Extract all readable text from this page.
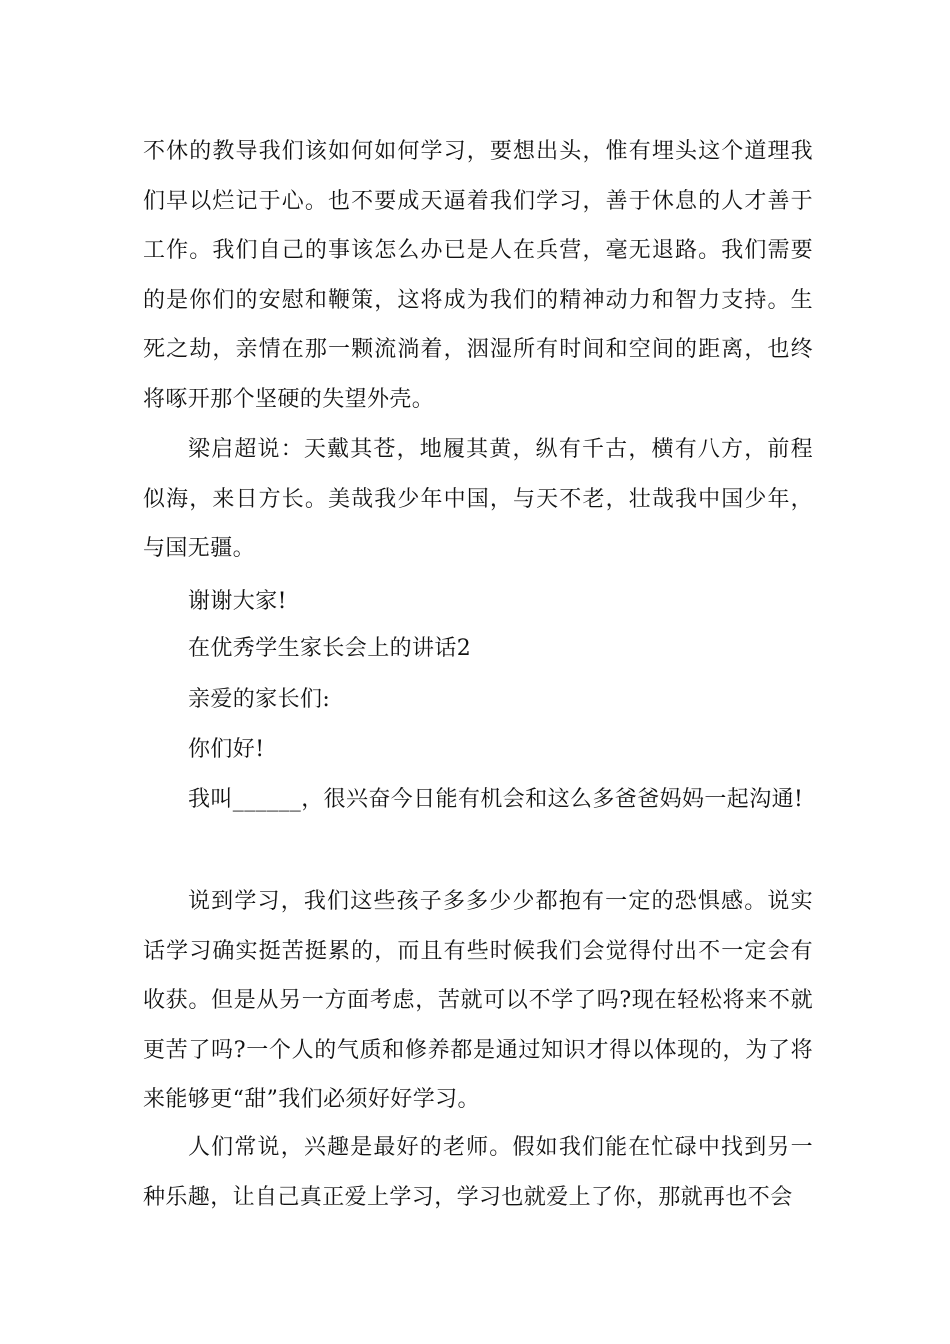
不休的教导我们该如何如何学习，要想出头，惟有埋头这个道理我们早以烂记于心。也不要成天逼着我们学习，善于休息的人才善于工作。我们自己的事该怎么办已是人在兵营，毫无退路。我们需要的是你们的安慰和鞭策，这将成为我们的精神动力和智力支持。生死之劫，亲情在那一颗流淌着，洇湿所有时间和空间的距离，也终将啄开那个坚硬的失望外壳。

梁启超说：天戴其苍，地履其黄，纵有千古，横有八方，前程似海，来日方长。美哉我少年中国，与天不老，壮哉我中国少年，与国无疆。

谢谢大家!

在优秀学生家长会上的讲话2

亲爱的家长们:

你们好!

我叫______，很兴奋今日能有机会和这么多爸爸妈妈一起沟通!

说到学习，我们这些孩子多多少少都抱有一定的恐惧感。说实话学习确实挺苦挺累的，而且有些时候我们会觉得付出不一定会有收获。但是从另一方面考虑，苦就可以不学了吗?现在轻松将来不就更苦了吗?一个人的气质和修养都是通过知识才得以体现的，为了将来能够更“甜”我们必须好好学习。

人们常说，兴趣是最好的老师。假如我们能在忙碌中找到另一种乐趣，让自己真正爱上学习，学习也就爱上了你，那就再也不会
